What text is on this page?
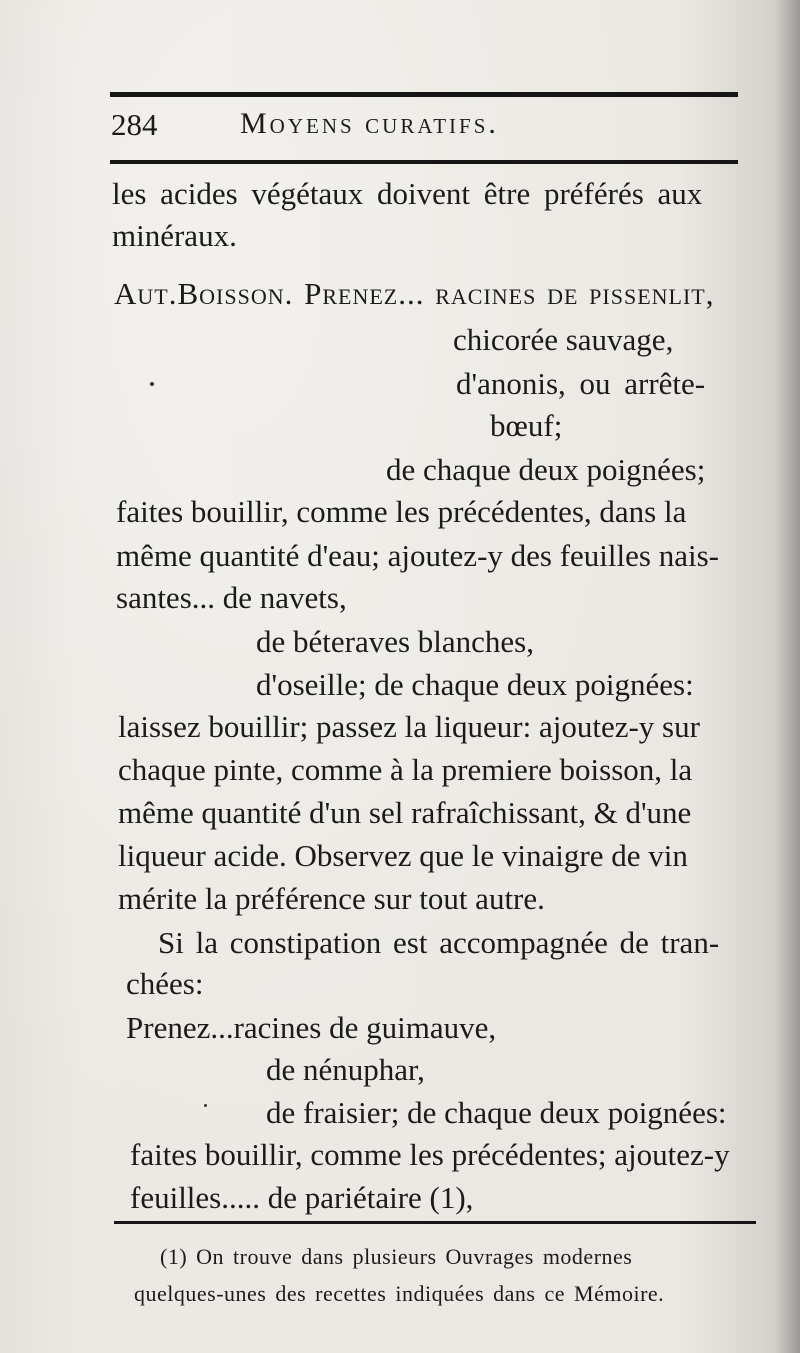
284	Moyens curatifs.
les acides végétaux doivent être préférés aux
minéraux.
Aut.Boisson. Prenez... racines de pissenlit,
chicorée sauvage,
d'anonis, ou arrête-
bœuf;
de chaque deux poignées;
faites bouillir, comme les précédentes, dans la
même quantité d'eau; ajoutez-y des feuilles nais-
santes... de navets,
de béteraves blanches,
d'oseille; de chaque deux poignées:
laissez bouillir; passez la liqueur: ajoutez-y sur
chaque pinte, comme à la premiere boisson, la
même quantité d'un sel rafraîchissant, & d'une
liqueur acide. Observez que le vinaigre de vin
mérite la préférence sur tout autre.
Si la constipation est accompagnée de tran-
chées:
Prenez...racines de guimauve,
de nénuphar,
de fraisier; de chaque deux poignées:
faites bouillir, comme les précédentes; ajoutez-y
feuilles..... de pariétaire (1),
(1) On trouve dans plusieurs Ouvrages modernes
quelques-unes des recettes indiquées dans ce Mémoire.
